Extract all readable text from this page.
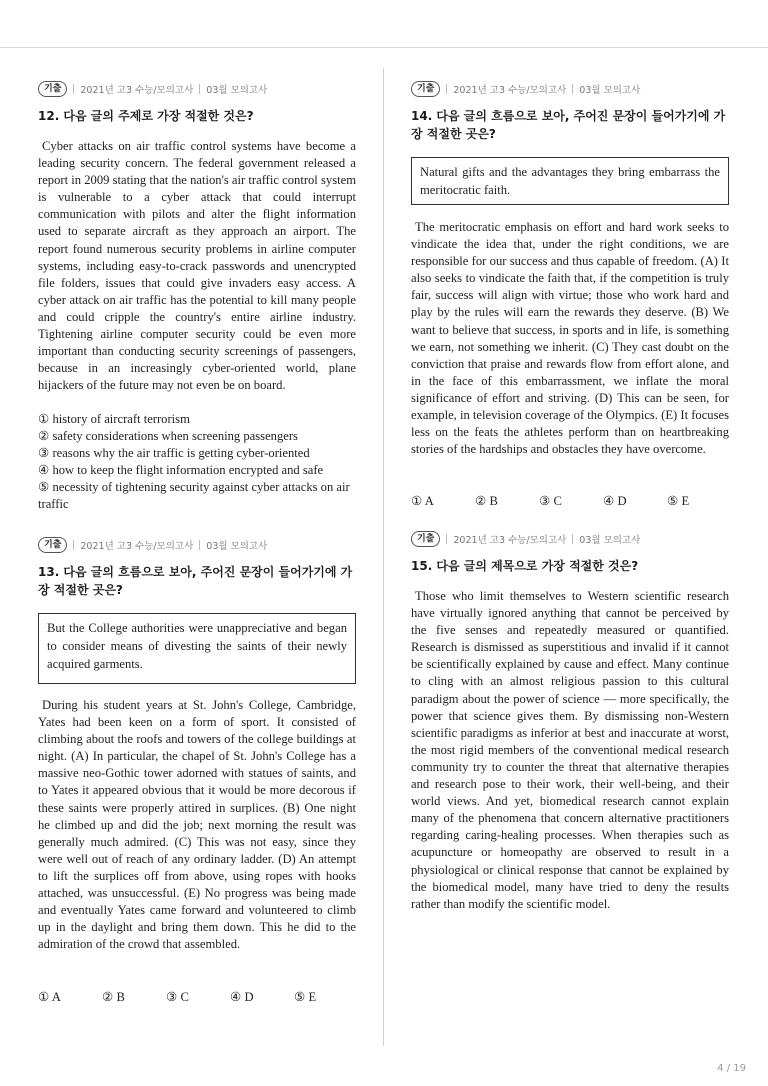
기출	2021년 고3 수능/모의고사 03월 모의고사

12. 다음 글의 주제로 가장 적절한 것은?

Cyber attacks on air traffic control systems have become a leading security concern. The federal government released a report in 2009 stating that the nation's air traffic control system is vulnerable to a cyber attack that could interrupt communication with pilots and alter the flight information used to separate aircraft as they approach an airport. The report found numerous security problems in airline computer systems, including easy-to-crack passwords and unencrypted file folders, issues that could give invaders easy access. A cyber attack on air traffic has the potential to kill many people and could cripple the country's entire airline industry. Tightening airline computer security could be even more important than conducting security screenings of passengers, because in an increasingly cyber-oriented world, plane hijackers of the future may not even be on board.

① history of aircraft terrorism
② safety considerations when screening passengers
③ reasons why the air traffic is getting cyber-oriented
④ how to keep the flight information encrypted and safe
⑤ necessity of tightening security against cyber attacks on air traffic
기출	2021년 고3 수능/모의고사 03월 모의고사

13. 다음 글의 흐름으로 보아, 주어진 문장이 들어가기에 가장 적절한 곳은?

But the College authorities were unappreciative and began to consider means of divesting the saints of their newly acquired garments.

During his student years at St. John's College, Cambridge, Yates had been keen on a form of sport. It consisted of climbing about the roofs and towers of the college buildings at night. (A) In particular, the chapel of St. John's College has a massive neo-Gothic tower adorned with statues of saints, and to Yates it appeared obvious that it would be more decorous if these saints were properly attired in surplices. (B) One night he climbed up and did the job; next morning the result was generally much admired. (C) This was not easy, since they were well out of reach of any ordinary ladder. (D) An attempt to lift the surplices off from above, using ropes with hooks attached, was unsuccessful. (E) No progress was being made and eventually Yates came forward and volunteered to climb up in the daylight and bring them down. This he did to the admiration of the crowd that assembled.

① A	② B	③ C	④ D	⑤ E
기출	2021년 고3 수능/모의고사 03월 모의고사

14. 다음 글의 흐름으로 보아, 주어진 문장이 들어가기에 가장 적절한 곳은?

Natural gifts and the advantages they bring embarrass the meritocratic faith.

The meritocratic emphasis on effort and hard work seeks to vindicate the idea that, under the right conditions, we are responsible for our success and thus capable of freedom. (A) It also seeks to vindicate the faith that, if the competition is truly fair, success will align with virtue; those who work hard and play by the rules will earn the rewards they deserve. (B) We want to believe that success, in sports and in life, is something we earn, not something we inherit. (C) They cast doubt on the conviction that praise and rewards flow from effort alone, and in the face of this embarrassment, we inflate the moral significance of effort and striving. (D) This can be seen, for example, in television coverage of the Olympics. (E) It focuses less on the feats the athletes perform than on heartbreaking stories of the hardships and obstacles they have overcome.

① A	② B	③ C	④ D	⑤ E
기출	2021년 고3 수능/모의고사 03월 모의고사

15. 다음 글의 제목으로 가장 적절한 것은?

Those who limit themselves to Western scientific research have virtually ignored anything that cannot be perceived by the five senses and repeatedly measured or quantified. Research is dismissed as superstitious and invalid if it cannot be scientifically explained by cause and effect. Many continue to cling with an almost religious passion to this cultural paradigm about the power of science — more specifically, the power that science gives them. By dismissing non-Western scientific paradigms as inferior at best and inaccurate at worst, the most rigid members of the conventional medical research community try to counter the threat that alternative therapies and research pose to their work, their well-being, and their world views. And yet, biomedical research cannot explain many of the phenomena that concern alternative practitioners regarding caring-healing processes. When therapies such as acupuncture or homeopathy are observed to result in a physiological or clinical response that cannot be explained by the biomedical model, many have tried to deny the results rather than modify the scientific model.

4 / 19
